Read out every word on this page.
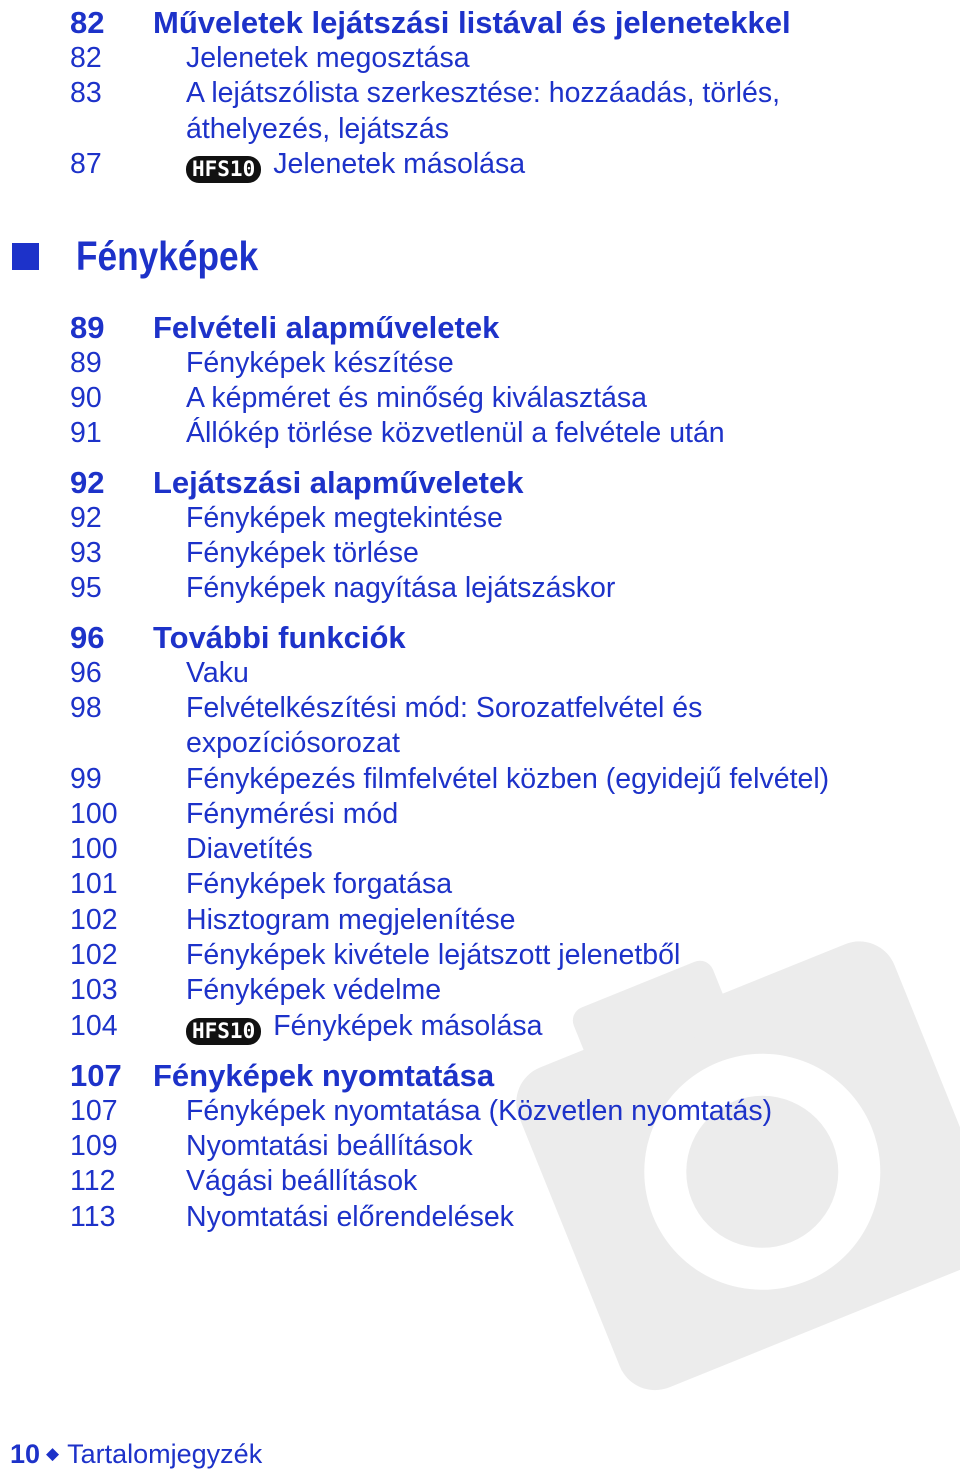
82	Műveletek lejátszási listával és jelenetekkel
82	Jelenetek megosztása
83	A lejátszólista szerkesztése: hozzáadás, törlés,
áthelyezés, lejátszás
87	HFS10 Jelenetek másolása
Fényképek
89	Felvételi alapműveletek
89	Fényképek készítése
90	A képméret és minőség kiválasztása
91	Állókép törlése közvetlenül a felvétele után
92	Lejátszási alapműveletek
92	Fényképek megtekintése
93	Fényképek törlése
95	Fényképek nagyítása lejátszáskor
96	További funkciók
96	Vaku
98	Felvételkészítési mód: Sorozatfelvétel és
expozíciósorozat
99	Fényképezés filmfelvétel közben (egyidejű felvétel)
100	Fénymérési mód
100	Diavetítés
101	Fényképek forgatása
102	Hisztogram megjelenítése
102	Fényképek kivétele lejátszott jelenetből
103	Fényképek védelme
104	HFS10 Fényképek másolása
107	Fényképek nyomtatása
107	Fényképek nyomtatása (Közvetlen nyomtatás)
109	Nyomtatási beállítások
112	Vágási beállítások
113	Nyomtatási előrendelések
10 ◆ Tartalomjegyzék
